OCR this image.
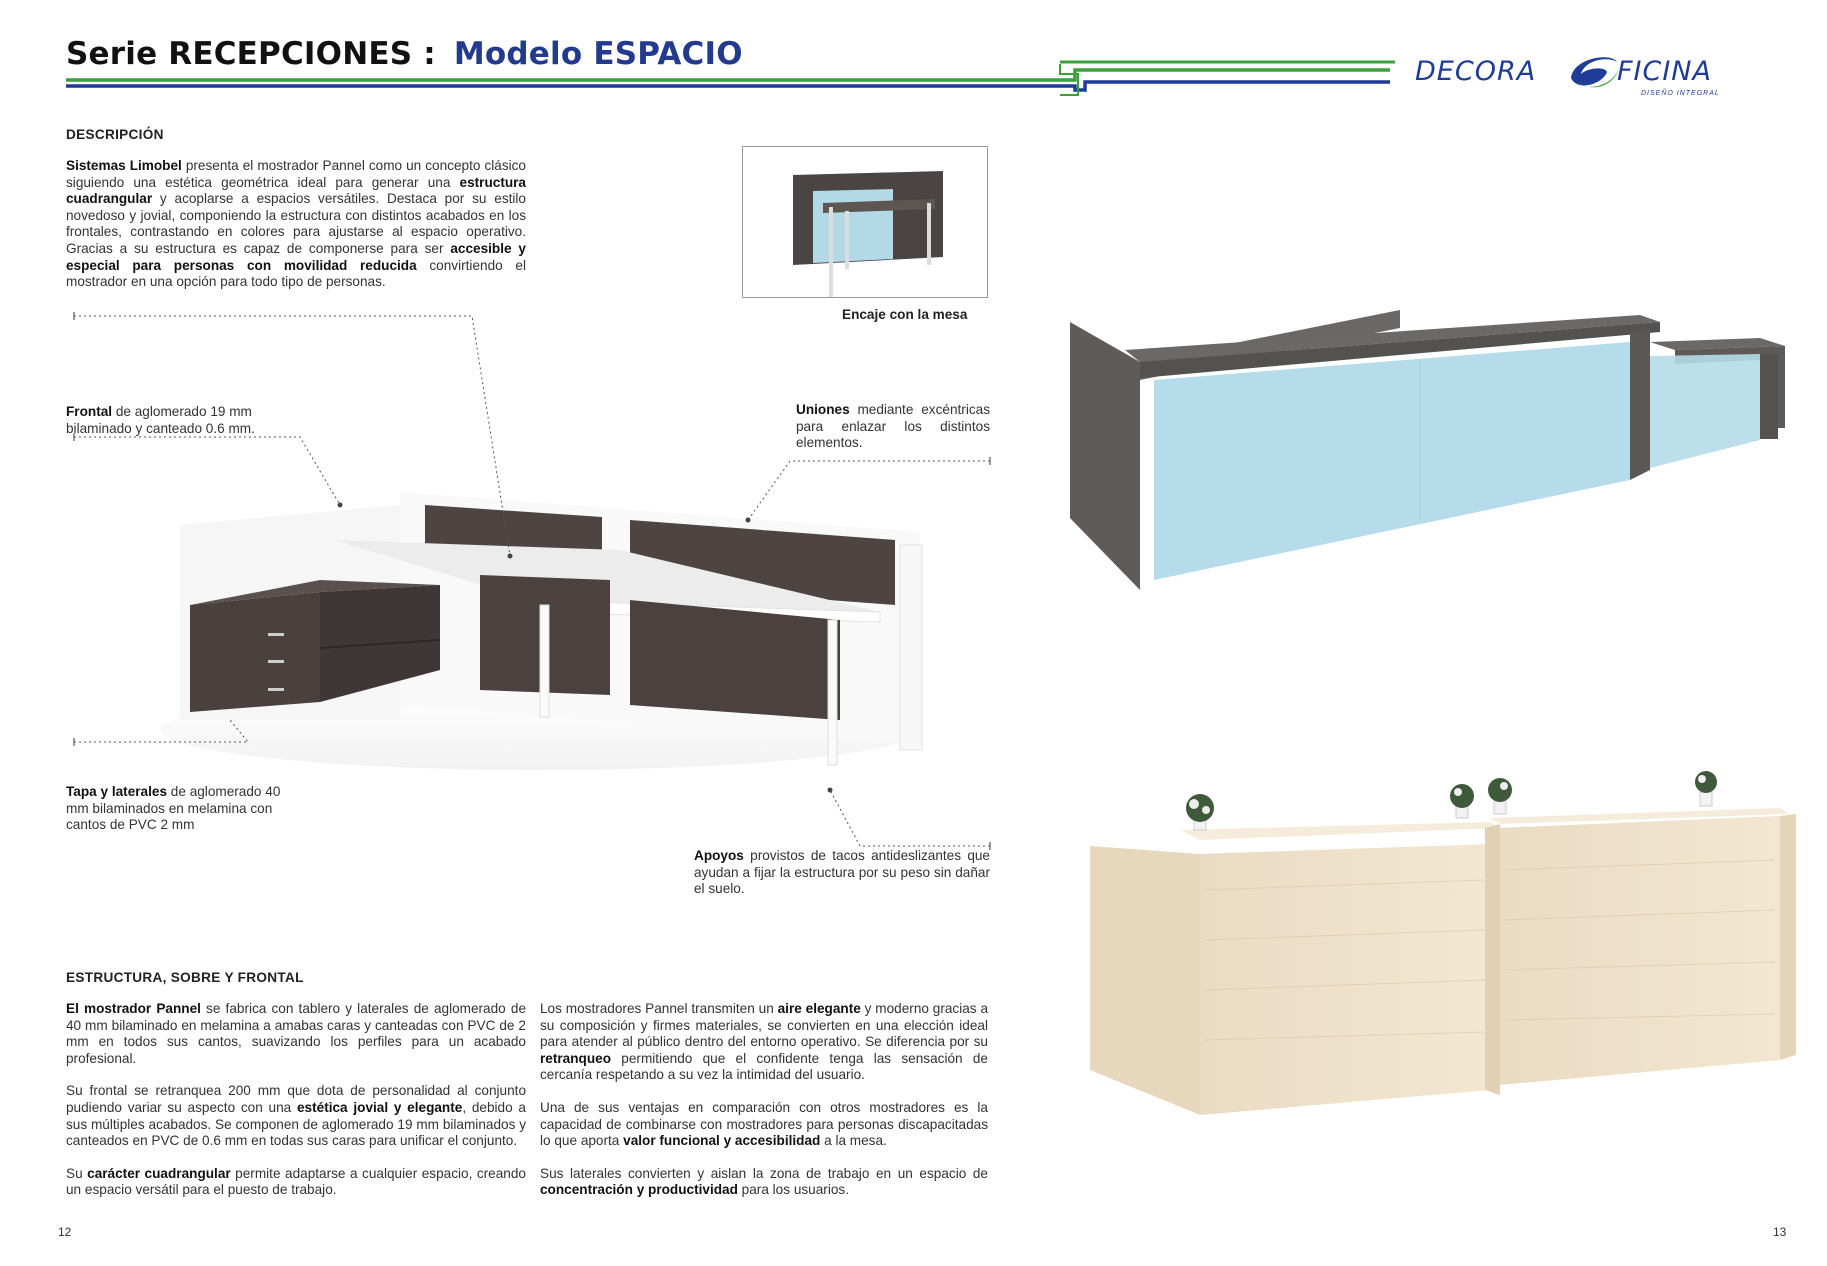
Serie RECEPCIONES : Modelo ESPACIO	DECORA	FICINA
DISEÑO INTEGRAL
DESCRIPCIÓN
Sistemas Limobel presenta el mostrador Pannel como un concepto clásico siguiendo una estética geométrica ideal para generar una estructura cuadrangular y acoplarse a espacios versátiles. Destaca por su estilo novedoso y jovial, componiendo la estructura con distintos acabados en los frontales, contrastando en colores para ajustarse al espacio operativo. Gracias a su estructura es capaz de componerse para ser accesible y especial para personas con movilidad reducida convirtiendo el mostrador en una opción para todo tipo de personas.
Encaje con la mesa
Frontal de aglomerado 19 mm bilaminado y canteado 0.6 mm.
Uniones mediante excéntricas para enlazar los distintos elementos.
Tapa y laterales de aglomerado 40 mm bilaminados en melamina con cantos de PVC 2 mm
Apoyos provistos de tacos antideslizantes que ayudan a fijar la estructura por su peso sin dañar el suelo.
ESTRUCTURA, SOBRE Y FRONTAL
El mostrador Pannel se fabrica con tablero y laterales de aglomerado de 40 mm bilaminado en melamina a amabas caras y canteadas con PVC de 2 mm en todos sus cantos, suavizando los perfiles para un acabado profesional.
Su frontal se retranquea 200 mm que dota de personalidad al conjunto pudiendo variar su aspecto con una estética jovial y elegante, debido a sus múltiples acabados. Se componen de aglomerado 19 mm bilaminados y canteados en PVC de 0.6 mm en todas sus caras para unificar el conjunto.
Su carácter cuadrangular permite adaptarse a cualquier espacio, creando un espacio versátil para el puesto de trabajo.
Los mostradores Pannel transmiten un aire elegante y moderno gracias a su composición y firmes materiales, se convierten en una elección ideal para atender al público dentro del entorno operativo. Se diferencia por su retranqueo permitiendo que el confidente tenga las sensación de cercanía respetando a su vez la intimidad del usuario.
Una de sus ventajas en comparación con otros mostradores es la capacidad de combinarse con mostradores para personas discapacitadas lo que aporta valor funcional y accesibilidad a la mesa.
Sus laterales convierten y aislan la zona de trabajo en un espacio de concentración y productividad para los usuarios.
12	13
